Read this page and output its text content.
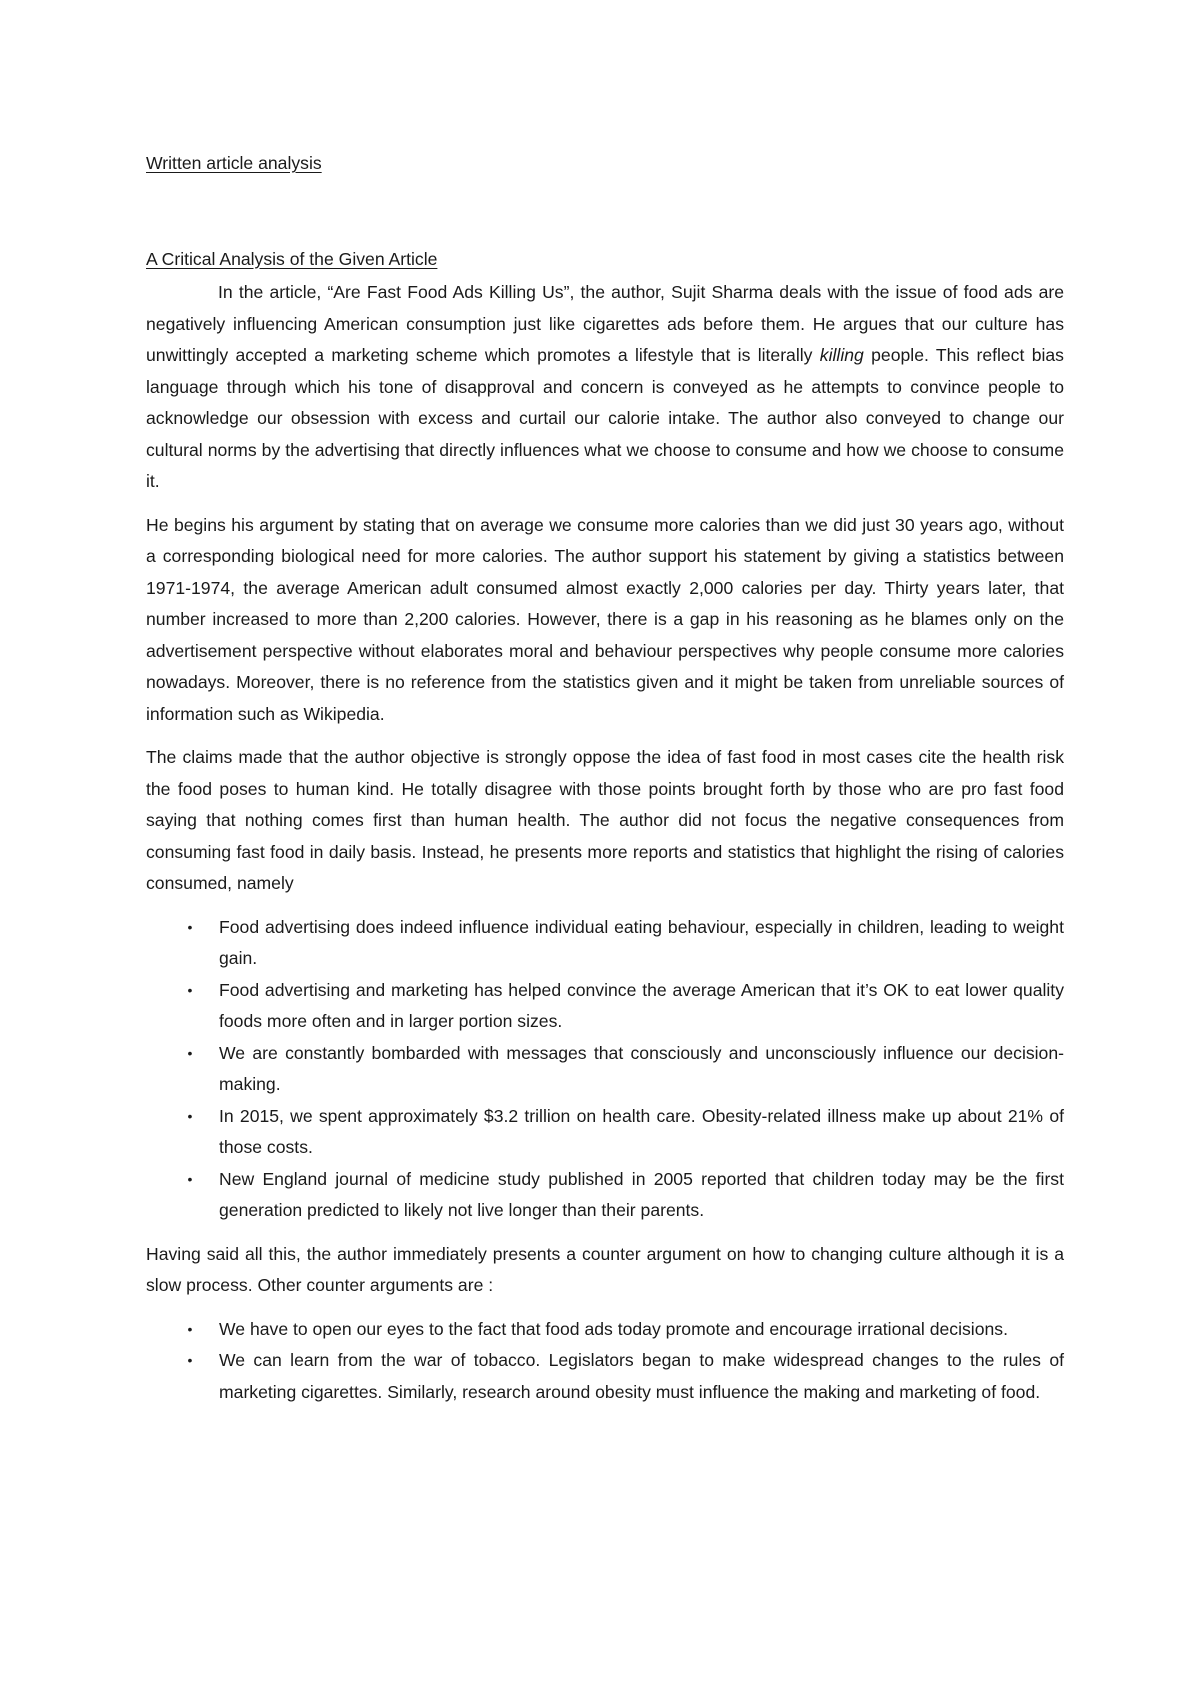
Written article analysis
A Critical Analysis of the Given Article

In the article, “Are Fast Food Ads Killing Us”, the author, Sujit Sharma deals with the issue of food ads are negatively influencing American consumption just like cigarettes ads before them. He argues that our culture has unwittingly accepted a marketing scheme which promotes a lifestyle that is literally killing people. This reflect bias language through which his tone of disapproval and concern is conveyed as he attempts to convince people to acknowledge our obsession with excess and curtail our calorie intake. The author also conveyed to change our cultural norms by the advertising that directly influences what we choose to consume and how we choose to consume it.

He begins his argument by stating that on average we consume more calories than we did just 30 years ago, without a corresponding biological need for more calories. The author support his statement by giving a statistics between 1971-1974, the average American adult consumed almost exactly 2,000 calories per day. Thirty years later, that number increased to more than 2,200 calories. However, there is a gap in his reasoning as he blames only on the advertisement perspective without elaborates moral and behaviour perspectives why people consume more calories nowadays. Moreover, there is no reference from the statistics given and it might be taken from unreliable sources of information such as Wikipedia.

The claims made that the author objective is strongly oppose the idea of fast food in most cases cite the health risk the food poses to human kind. He totally disagree with those points brought forth by those who are pro fast food saying that nothing comes first than human health. The author did not focus the negative consequences from consuming fast food in daily basis. Instead, he presents more reports and statistics that highlight the rising of calories consumed, namely

• Food advertising does indeed influence individual eating behaviour, especially in children, leading to weight gain.
• Food advertising and marketing has helped convince the average American that it’s OK to eat lower quality foods more often and in larger portion sizes.
• We are constantly bombarded with messages that consciously and unconsciously influence our decision-making.
• In 2015, we spent approximately $3.2 trillion on health care. Obesity-related illness make up about 21% of those costs.
• New England journal of medicine study published in 2005 reported that children today may be the first generation predicted to likely not live longer than their parents.

Having said all this, the author immediately presents a counter argument on how to changing culture although it is a slow process. Other counter arguments are :

• We have to open our eyes to the fact that food ads today promote and encourage irrational decisions.
• We can learn from the war of tobacco. Legislators began to make widespread changes to the rules of marketing cigarettes. Similarly, research around obesity must influence the making and marketing of food.
